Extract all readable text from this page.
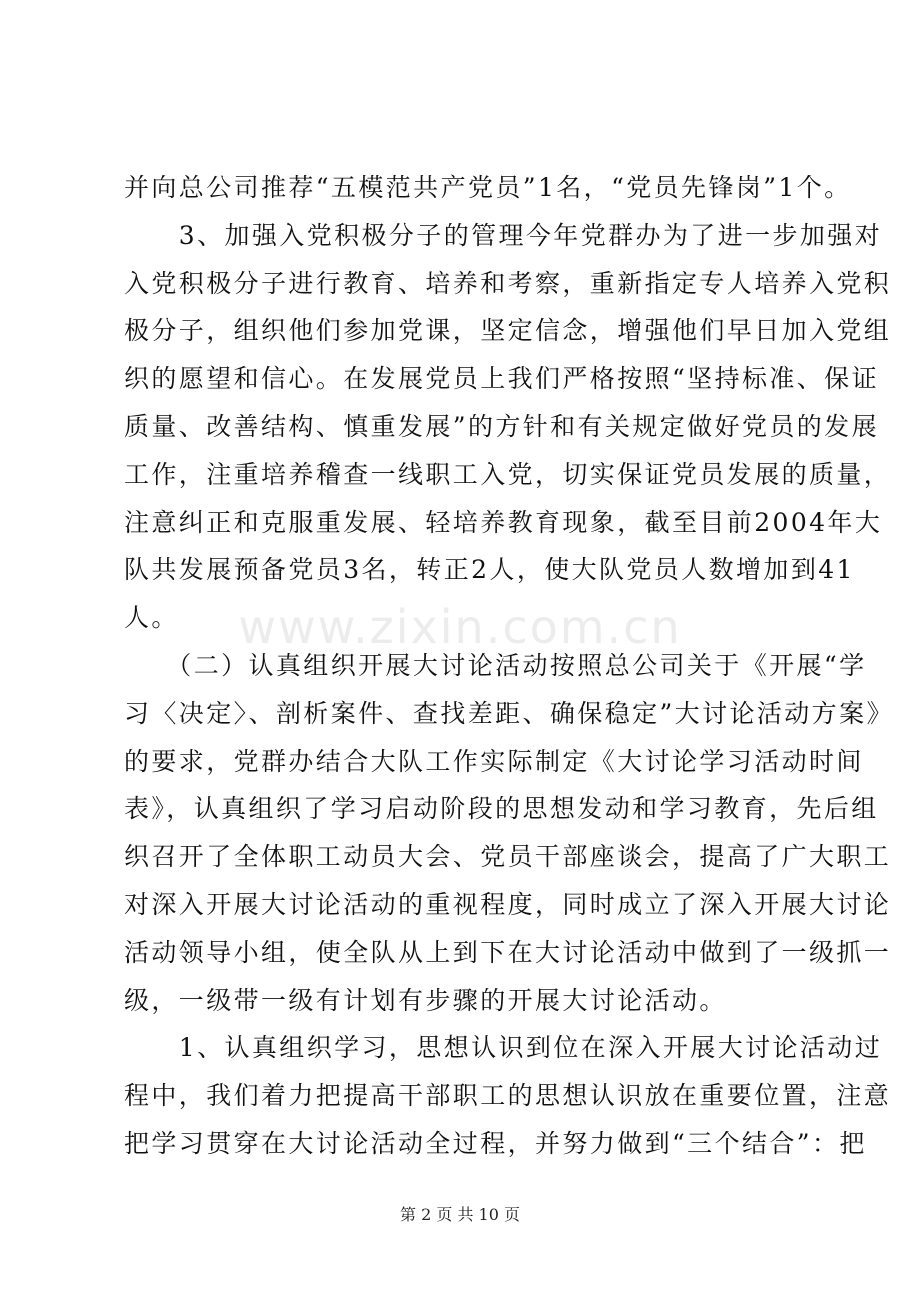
www.zixin.com.cn
并向总公司推荐“五模范共产党员”1名，“党员先锋岗”1个。
　　3、加强入党积极分子的管理今年党群办为了进一步加强对
入党积极分子进行教育、培养和考察，重新指定专人培养入党积
极分子，组织他们参加党课，坚定信念，增强他们早日加入党组
织的愿望和信心。在发展党员上我们严格按照“坚持标准、保证
质量、改善结构、慎重发展”的方针和有关规定做好党员的发展
工作，注重培养稽查一线职工入党，切实保证党员发展的质量，
注意纠正和克服重发展、轻培养教育现象，截至目前2004年大
队共发展预备党员3名，转正2人，使大队党员人数增加到41
人。
　　（二）认真组织开展大讨论活动按照总公司关于《开展“学
习〈决定〉、剖析案件、查找差距、确保稳定”大讨论活动方案》
的要求，党群办结合大队工作实际制定《大讨论学习活动时间
表》，认真组织了学习启动阶段的思想发动和学习教育，先后组
织召开了全体职工动员大会、党员干部座谈会，提高了广大职工
对深入开展大讨论活动的重视程度，同时成立了深入开展大讨论
活动领导小组，使全队从上到下在大讨论活动中做到了一级抓一
级，一级带一级有计划有步骤的开展大讨论活动。
　　1、认真组织学习，思想认识到位在深入开展大讨论活动过
程中，我们着力把提高干部职工的思想认识放在重要位置，注意
把学习贯穿在大讨论活动全过程，并努力做到“三个结合”：把
第 2 页 共 10 页
